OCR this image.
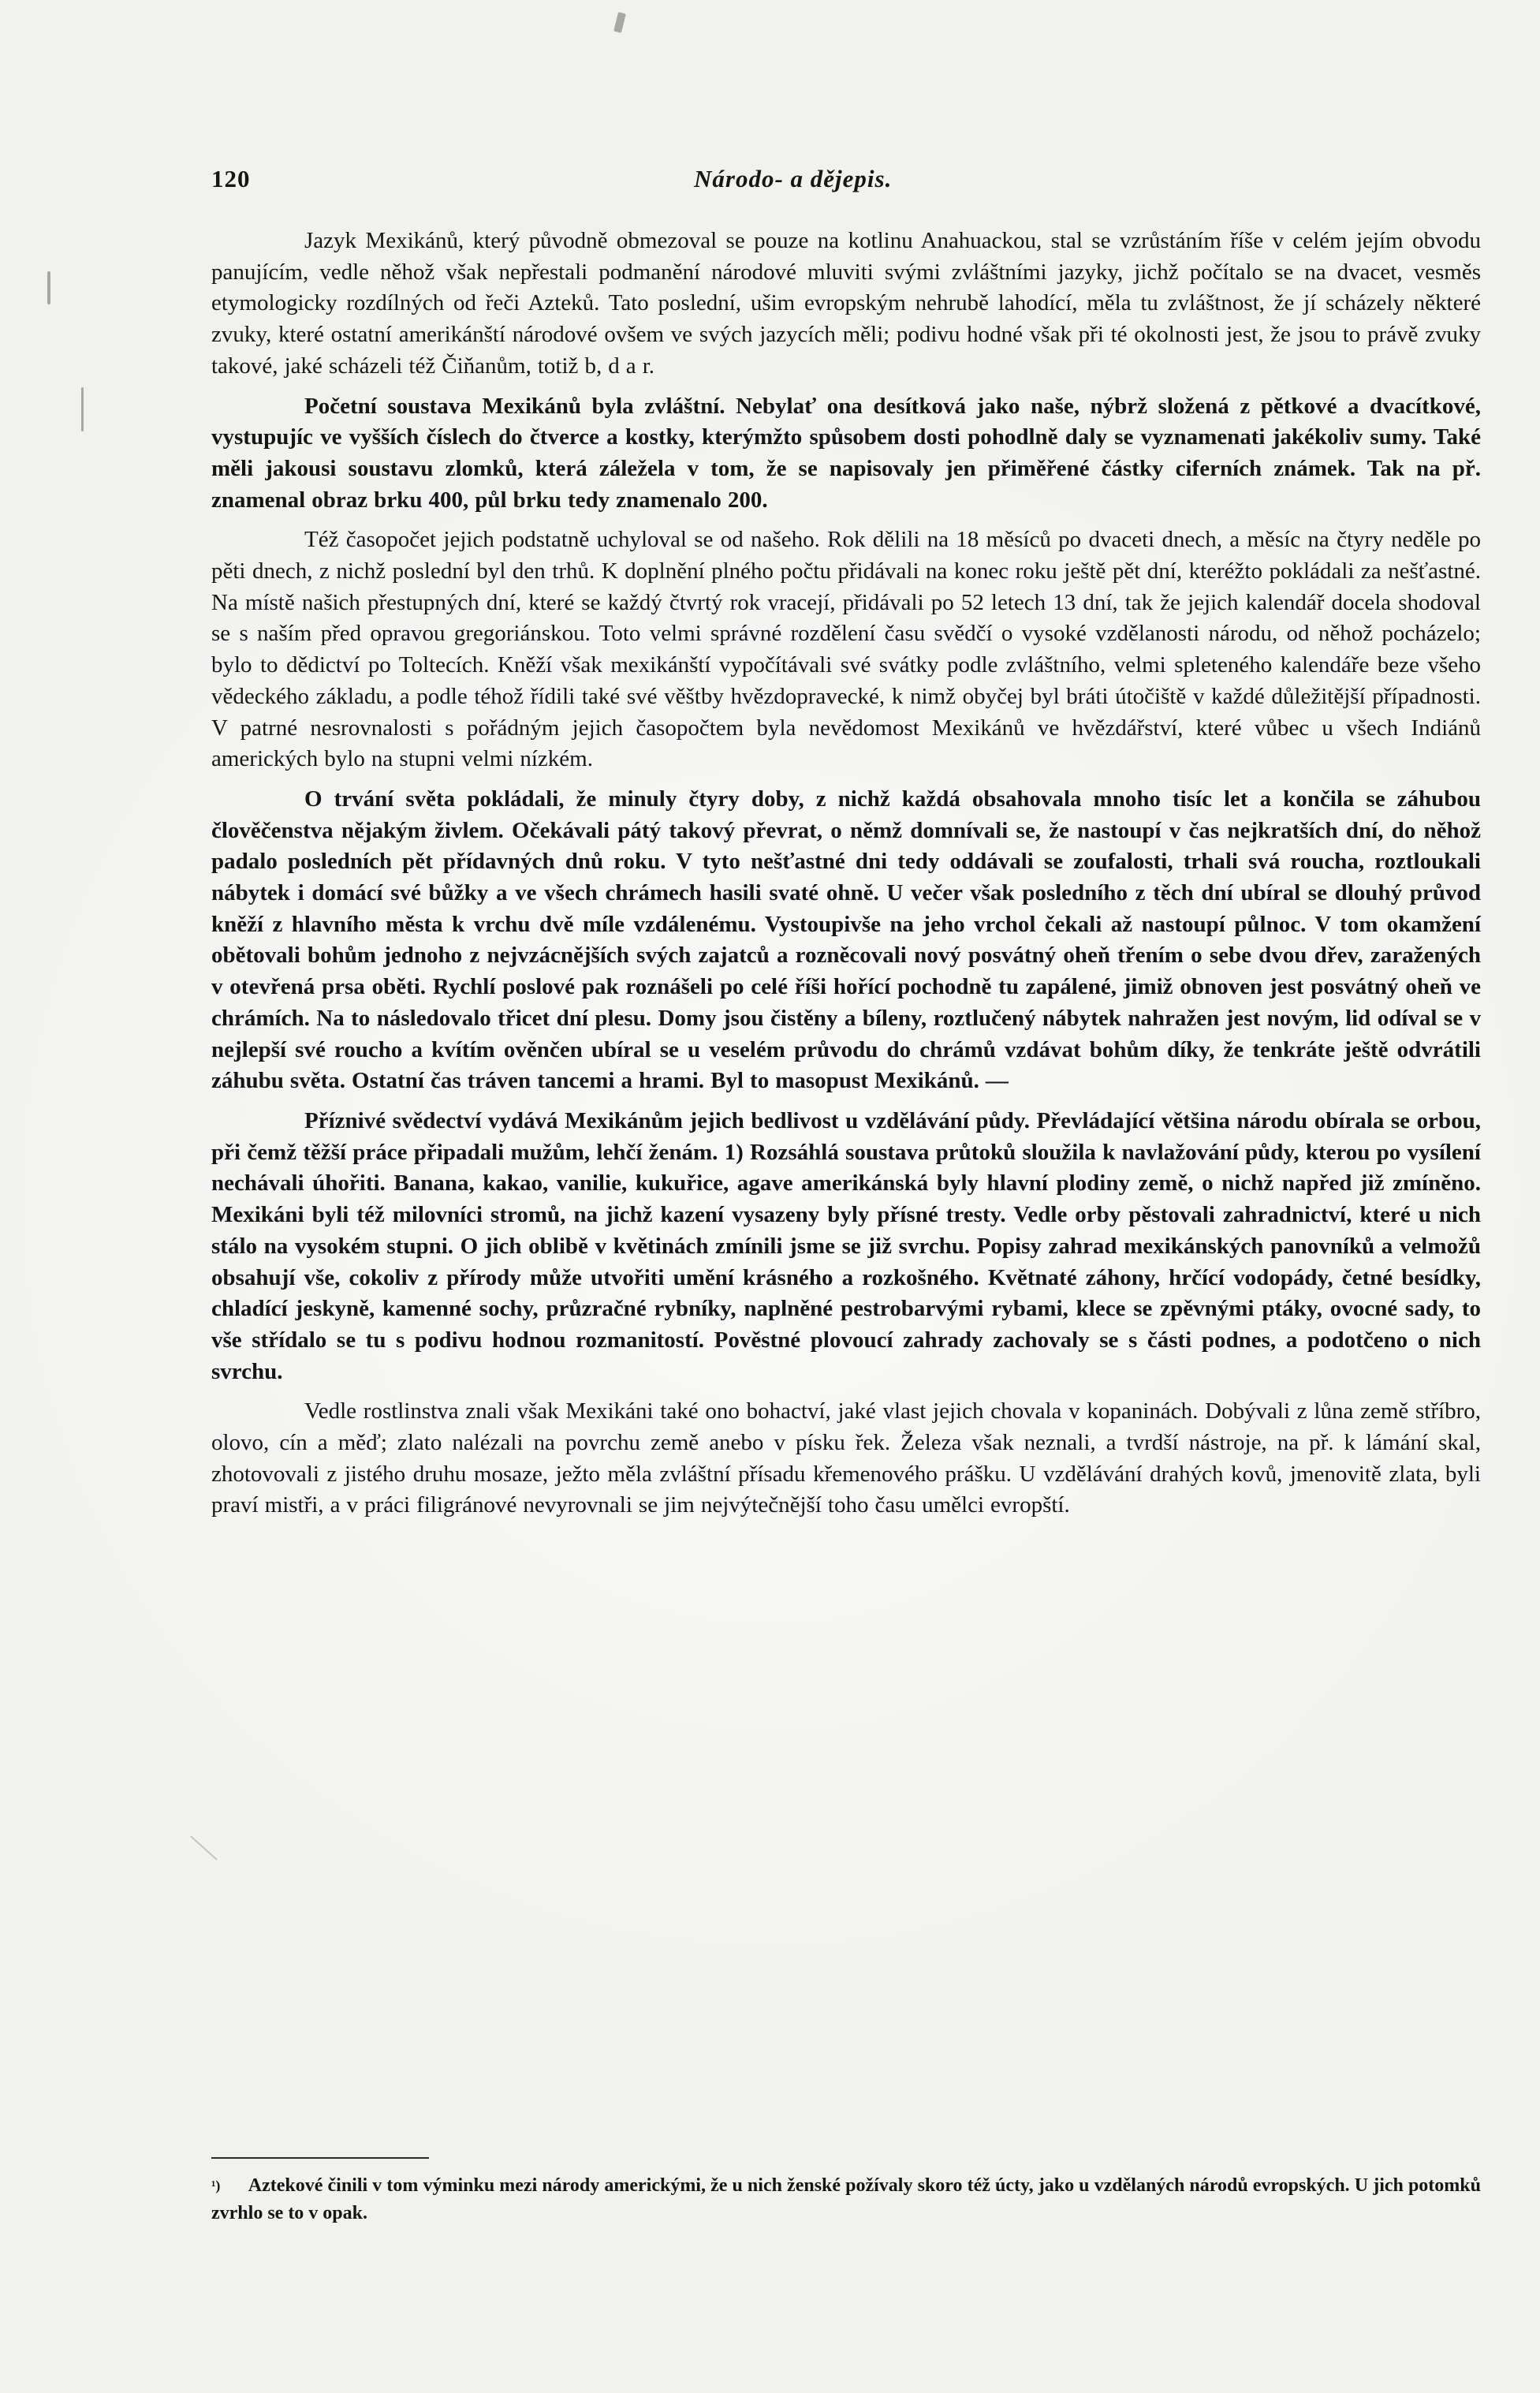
120	Národo- a dějepis.

Jazyk Mexikánů, který původně obmezoval se pouze na kotlinu Anahuackou, stal se vzrůstáním říše v celém jejím obvodu panujícím, vedle něhož však nepřestali podmanění národové mluviti svými zvláštními jazyky, jichž počítalo se na dvacet, vesměs etymologicky rozdílných od řeči Azteků. Tato poslední, ušim evropským nehrubě lahodící, měla tu zvláštnost, že jí scházely některé zvuky, které ostatní amerikánští národové ovšem ve svých jazycích měli; podivu hodné však při té okolnosti jest, že jsou to právě zvuky takové, jaké scházeli též Čiňanům, totiž b, d a r.

Početní soustava Mexikánů byla zvláštní. Nebylať ona desítková jako naše, nýbrž složená z pětkové a dvacítkové, vystupujíc ve vyšších číslech do čtverce a kostky, kterýmžto spůsobem dosti pohodlně daly se vyznamenati jakékoliv sumy. Také měli jakousi soustavu zlomků, která záležela v tom, že se napisovaly jen přiměřené částky ciferních známek. Tak na př. znamenal obraz brku 400, půl brku tedy znamenalo 200.

Též časopočet jejich podstatně uchyloval se od našeho. Rok dělili na 18 měsíců po dvaceti dnech, a měsíc na čtyry neděle po pěti dnech, z nichž poslední byl den trhů. K doplnění plného počtu přidávali na konec roku ještě pět dní, kteréžto pokládali za nešťastné. Na místě našich přestupných dní, které se každý čtvrtý rok vracejí, přidávali po 52 letech 13 dní, tak že jejich kalendář docela shodoval se s naším před opravou gregoriánskou. Toto velmi správné rozdělení času svědčí o vysoké vzdělanosti národu, od něhož pocházelo; bylo to dědictví po Toltecích. Kněží však mexikánští vypočítávali své svátky podle zvláštního, velmi spleteného kalendáře beze všeho vědeckého základu, a podle téhož řídili také své věštby hvězdopravecké, k nimž obyčej byl bráti útočiště v každé důležitější případnosti. V patrné nesrovnalosti s pořádným jejich časopočtem byla nevědomost Mexikánů ve hvězdářství, které vůbec u všech Indiánů amerických bylo na stupni velmi nízkém.

O trvání světa pokládali, že minuly čtyry doby, z nichž každá obsahovala mnoho tisíc let a končila se záhubou člověčenstva nějakým živlem. Očekávali pátý takový převrat, o němž domnívali se, že nastoupí v čas nejkratších dní, do něhož padalo posledních pět přídavných dnů roku. V tyto nešťastné dni tedy oddávali se zoufalosti, trhali svá roucha, roztloukali nábytek i domácí své bůžky a ve všech chrámech hasili svaté ohně. U večer však posledního z těch dní ubíral se dlouhý průvod kněží z hlavního města k vrchu dvě míle vzdálenému. Vystoupivše na jeho vrchol čekali až nastoupí půlnoc. V tom okamžení obětovali bohům jednoho z nejvzácnějších svých zajatců a rozněcovali nový posvátný oheň třením o sebe dvou dřev, zaražených v otevřená prsa oběti. Rychlí poslové pak roznášeli po celé říši hořící pochodně tu zapálené, jimiž obnoven jest posvátný oheň ve chrámích. Na to následovalo třicet dní plesu. Domy jsou čistěny a bíleny, roztlučený nábytek nahražen jest novým, lid odíval se v nejlepší své roucho a kvítím ověnčen ubíral se u veselém průvodu do chrámů vzdávat bohům díky, že tenkráte ještě odvrátili záhubu světa. Ostatní čas tráven tancemi a hrami. Byl to masopust Mexikánů. —

Příznivé svědectví vydává Mexikánům jejich bedlivost u vzdělávání půdy. Převládající většina národu obírala se orbou, při čemž těžší práce připadali mužům, lehčí ženám. 1) Rozsáhlá soustava průtoků sloužila k navlažování půdy, kterou po vysílení nechávali úhořiti. Banana, kakao, vanilie, kukuřice, agave amerikánská byly hlavní plodiny země, o nichž napřed již zmíněno. Mexikáni byli též milovníci stromů, na jichž kazení vysazeny byly přísné tresty. Vedle orby pěstovali zahradnictví, které u nich stálo na vysokém stupni. O jich oblibě v květinách zmínili jsme se již svrchu. Popisy zahrad mexikánských panovníků a velmožů obsahují vše, cokoliv z přírody může utvořiti umění krásného a rozkošného. Květnaté záhony, hrčící vodopády, četné besídky, chladící jeskyně, kamenné sochy, průzračné rybníky, naplněné pestrobarvými rybami, klece se zpěvnými ptáky, ovocné sady, to vše střídalo se tu s podivu hodnou rozmanitostí. Pověstné plovoucí zahrady zachovaly se s části podnes, a podotčeno o nich svrchu.

Vedle rostlinstva znali však Mexikáni také ono bohactví, jaké vlast jejich chovala v kopaninách. Dobývali z lůna země stříbro, olovo, cín a měď; zlato nalézali na povrchu země anebo v písku řek. Železa však neznali, a tvrdší nástroje, na př. k lámání skal, zhotovovali z jistého druhu mosaze, ježto měla zvláštní přísadu křemenového prášku. U vzdělávání drahých kovů, jmenovitě zlata, byli praví mistři, a v práci filigránové nevyrovnali se jim nejvýtečnější toho času umělci evropští.

¹) Aztekové činili v tom výminku mezi národy americkými, že u nich ženské požívaly skoro též úcty, jako u vzdělaných národů evropských. U jich potomků zvrhlo se to v opak.
